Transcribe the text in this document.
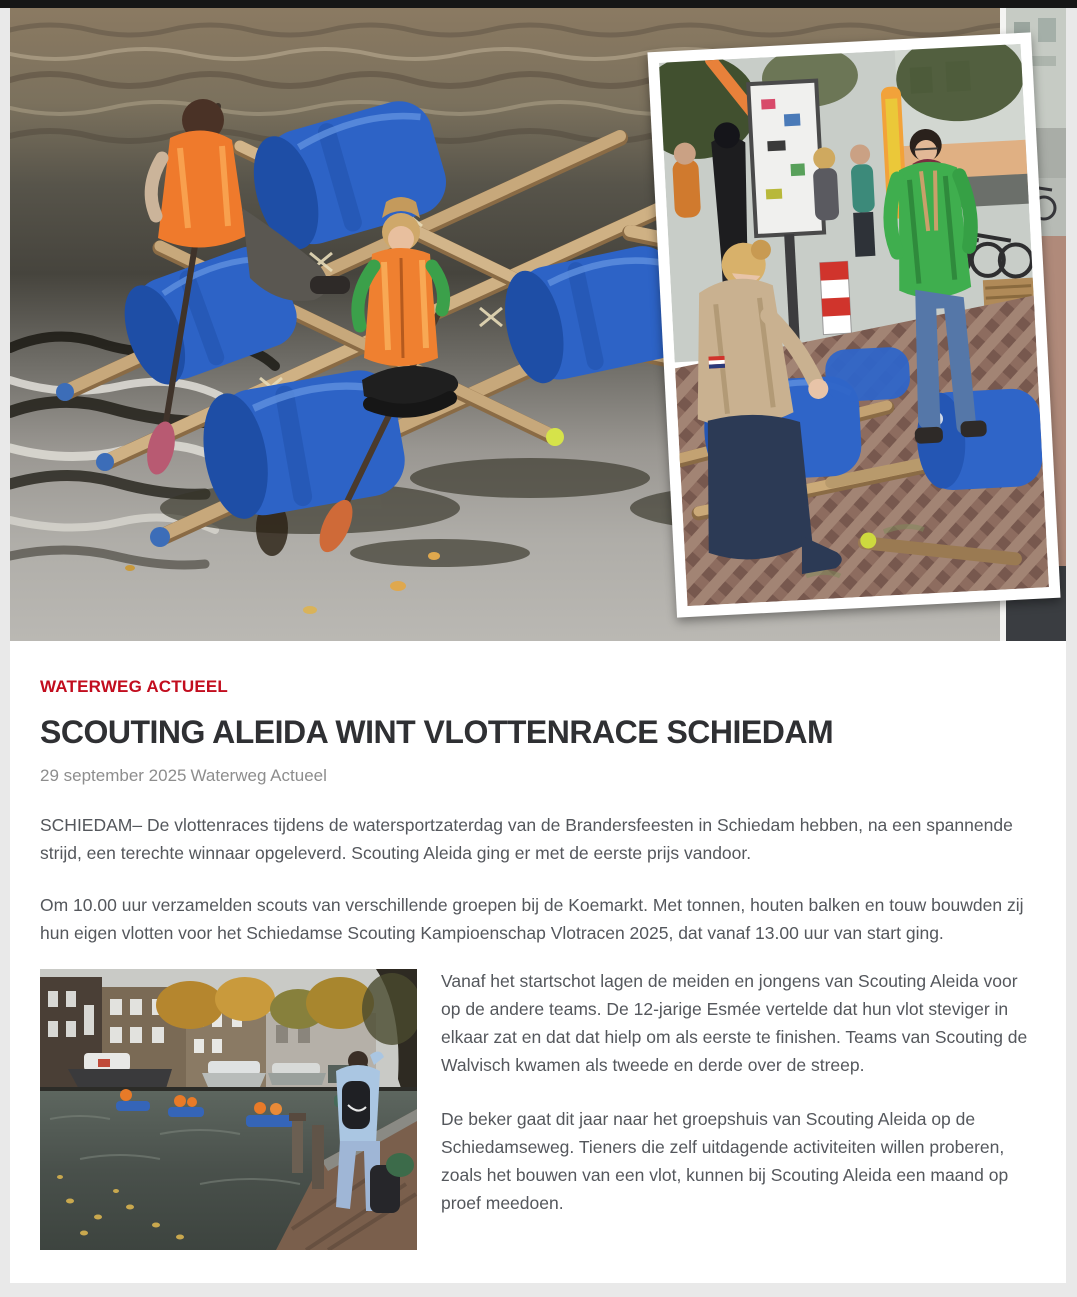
WATERWEG ACTUEEL
SCOUTING ALEIDA WINT VLOTTENRACE SCHIEDAM
29 september 2025 Waterweg Actueel

SCHIEDAM– De vlottenraces tijdens de watersportzaterdag van de Brandersfeesten in Schiedam hebben, na een spannende strijd, een terechte winnaar opgeleverd. Scouting Aleida ging er met de eerste prijs vandoor.

Om 10.00 uur verzamelden scouts van verschillende groepen bij de Koemarkt. Met tonnen, houten balken en touw bouwden zij hun eigen vlotten voor het Schiedamse Scouting Kampioenschap Vlotracen 2025, dat vanaf 13.00 uur van start ging.

Vanaf het startschot lagen de meiden en jongens van Scouting Aleida voor op de andere teams. De 12-jarige Esmée vertelde dat hun vlot steviger in elkaar zat en dat dat hielp om als eerste te finishen. Teams van Scouting de Walvisch kwamen als tweede en derde over de streep.

De beker gaat dit jaar naar het groepshuis van Scouting Aleida op de Schiedamseweg. Tieners die zelf uitdagende activiteiten willen proberen, zoals het bouwen van een vlot, kunnen bij Scouting Aleida een maand op proef meedoen.
